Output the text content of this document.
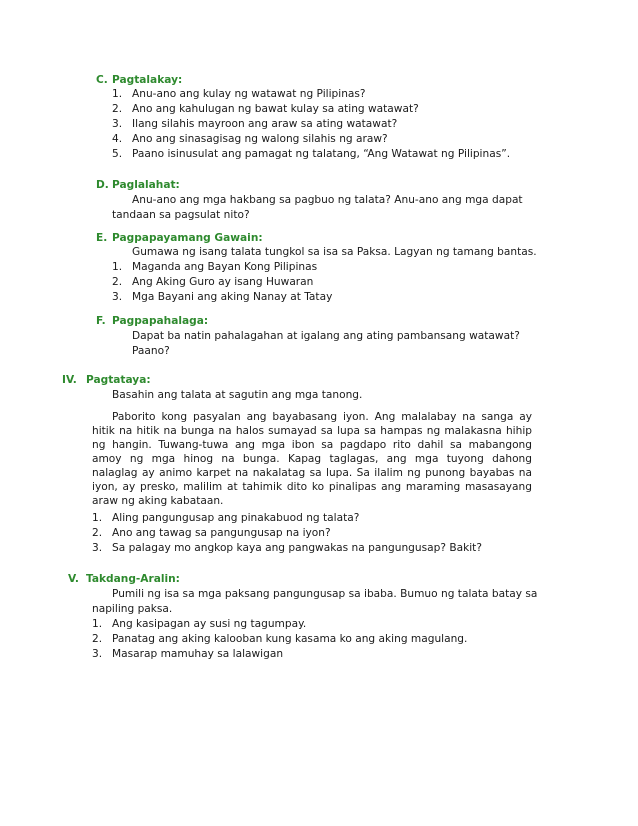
C. Pagtalakay:
1. Anu-ano ang kulay ng watawat ng Pilipinas?
2. Ano ang kahulugan ng bawat kulay sa ating watawat?
3. Ilang silahis mayroon ang araw sa ating watawat?
4. Ano ang sinasagisag ng walong silahis ng araw?
5. Paano isinusulat ang pamagat ng talatang, “Ang Watawat ng Pilipinas”.
D. Paglalahat:
Anu-ano ang mga hakbang sa pagbuo ng talata? Anu-ano ang mga dapat
tandaan sa pagsulat nito?
E. Pagpapayamang Gawain:
Gumawa ng isang talata tungkol sa isa sa Paksa. Lagyan ng tamang bantas.
1. Maganda ang Bayan Kong Pilipinas
2. Ang Aking Guro ay isang Huwaran
3. Mga Bayani ang aking Nanay at Tatay
F. Pagpapahalaga:
Dapat ba natin pahalagahan at igalang ang ating pambansang watawat?
Paano?
IV. Pagtataya:
Basahin ang talata at sagutin ang mga tanong.
Paborito kong pasyalan ang bayabasang iyon. Ang malalabay na sanga ay
hitik na hitik na bunga na halos sumayad sa lupa sa hampas ng malakasna hihip
ng hangin. Tuwang-tuwa ang mga ibon sa pagdapo rito dahil sa mabangong
amoy ng mga hinog na bunga. Kapag taglagas, ang mga tuyong dahong
nalaglag ay animo karpet na nakalatag sa lupa. Sa ilalim ng punong bayabas na
iyon, ay presko, malilim at tahimik dito ko pinalipas ang maraming masasayang
araw ng aking kabataan.
1. Aling pangungusap ang pinakabuod ng talata?
2. Ano ang tawag sa pangungusap na iyon?
3. Sa palagay mo angkop kaya ang pangwakas na pangungusap? Bakit?
V. Takdang-Aralin:
Pumili ng isa sa mga paksang pangungusap sa ibaba. Bumuo ng talata batay sa
napiling paksa.
1. Ang kasipagan ay susi ng tagumpay.
2. Panatag ang aking kalooban kung kasama ko ang aking magulang.
3. Masarap mamuhay sa lalawigan
